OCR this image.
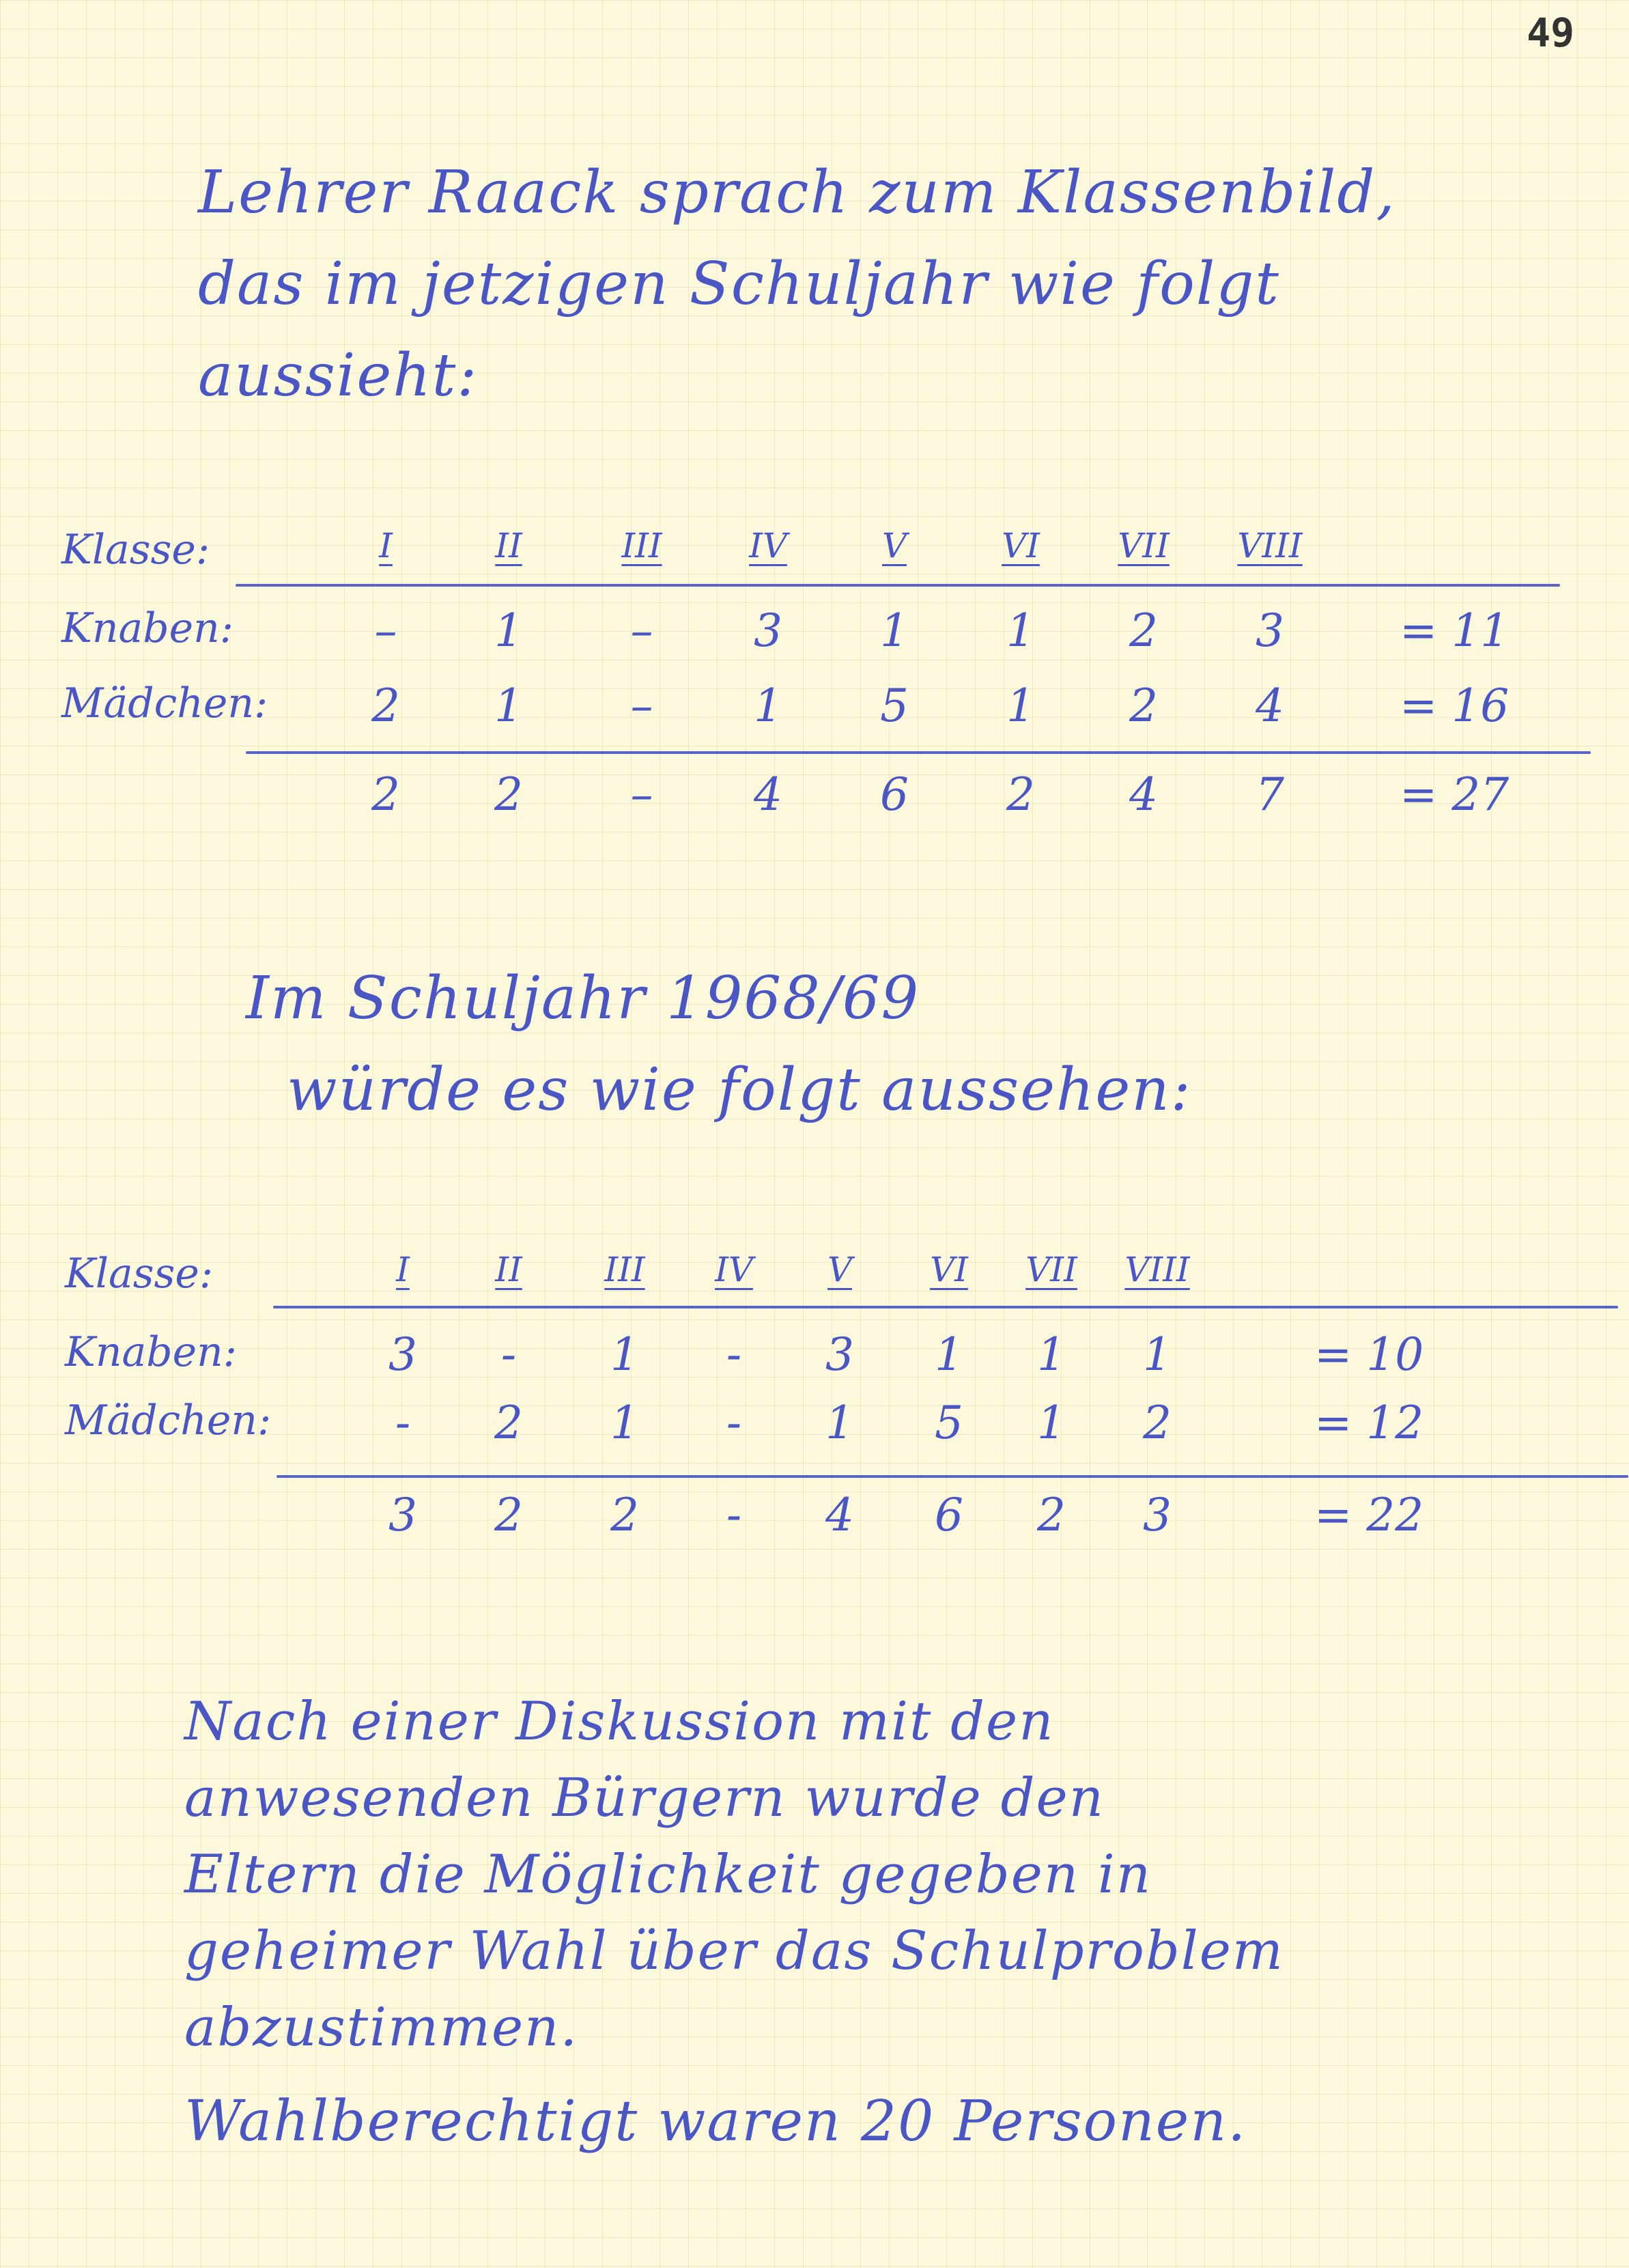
49

Lehrer Raack sprach zum Klassenbild,
das im jetzigen Schuljahr wie folgt
aussieht:

Klasse:	I	II	III	IV	V	VI	VII	VIII
Knaben:	–	1	–	3	1	1	2	3	= 11
Mädchen:	2	1	–	1	5	1	2	4	= 16
2	2	–	4	6	2	4	7	= 27

Im Schuljahr 1968/69
würde es wie folgt aussehen:

Klasse:	I	II	III	IV	V	VI	VII	VIII
Knaben:	3	-	1	-	3	1	1	1	= 10
Mädchen:	-	2	1	-	1	5	1	2	= 12
3	2	2	-	4	6	2	3	= 22

Nach einer Diskussion mit den
anwesenden Bürgern wurde den
Eltern die Möglichkeit gegeben in
geheimer Wahl über das Schulproblem
abzustimmen.

Wahlberechtigt waren 20 Personen.
